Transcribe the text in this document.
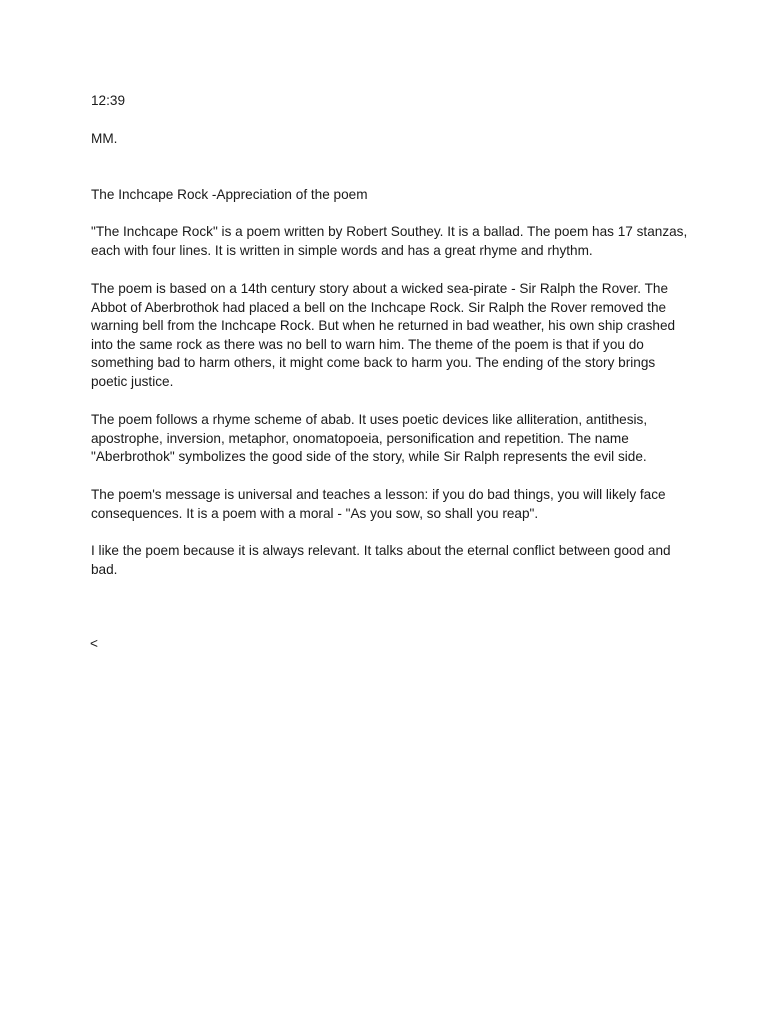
12:39
MM.
The Inchcape Rock -Appreciation of the poem

"The Inchcape Rock" is a poem written by Robert Southey. It is a ballad. The poem has 17 stanzas, each with four lines. It is written in simple words and has a great rhyme and rhythm.

The poem is based on a 14th century story about a wicked sea-pirate - Sir Ralph the Rover. The Abbot of Aberbrothok had placed a bell on the Inchcape Rock. Sir Ralph the Rover removed the warning bell from the Inchcape Rock. But when he returned in bad weather, his own ship crashed into the same rock as there was no bell to warn him. The theme of the poem is that if you do something bad to harm others, it might come back to harm you. The ending of the story brings poetic justice.

The poem follows a rhyme scheme of abab. It uses poetic devices like alliteration, antithesis, apostrophe, inversion, metaphor, onomatopoeia, personification and repetition. The name "Aberbrothok" symbolizes the good side of the story, while Sir Ralph represents the evil side.

The poem's message is universal and teaches a lesson: if you do bad things, you will likely face consequences. It is a poem with a moral - "As you sow, so shall you reap".

I like the poem because it is always relevant. It talks about the eternal conflict between good and bad.

<
